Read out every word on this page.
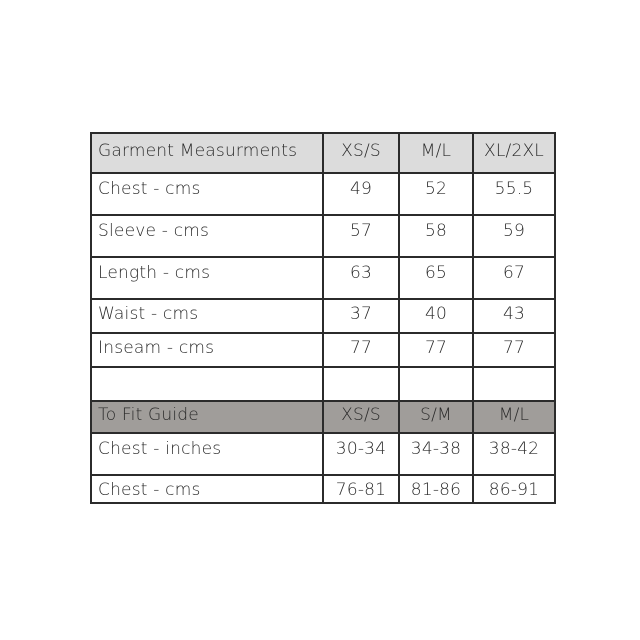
Garment Measurments	XS/S	M/L	XL/2XL
Chest - cms	49	52	55.5
Sleeve - cms	57	58	59
Length - cms	63	65	67
Waist - cms	37	40	43
Inseam - cms	77	77	77

To Fit Guide	XS/S	S/M	M/L
Chest - inches	30-34	34-38	38-42
Chest - cms	76-81	81-86	86-91
